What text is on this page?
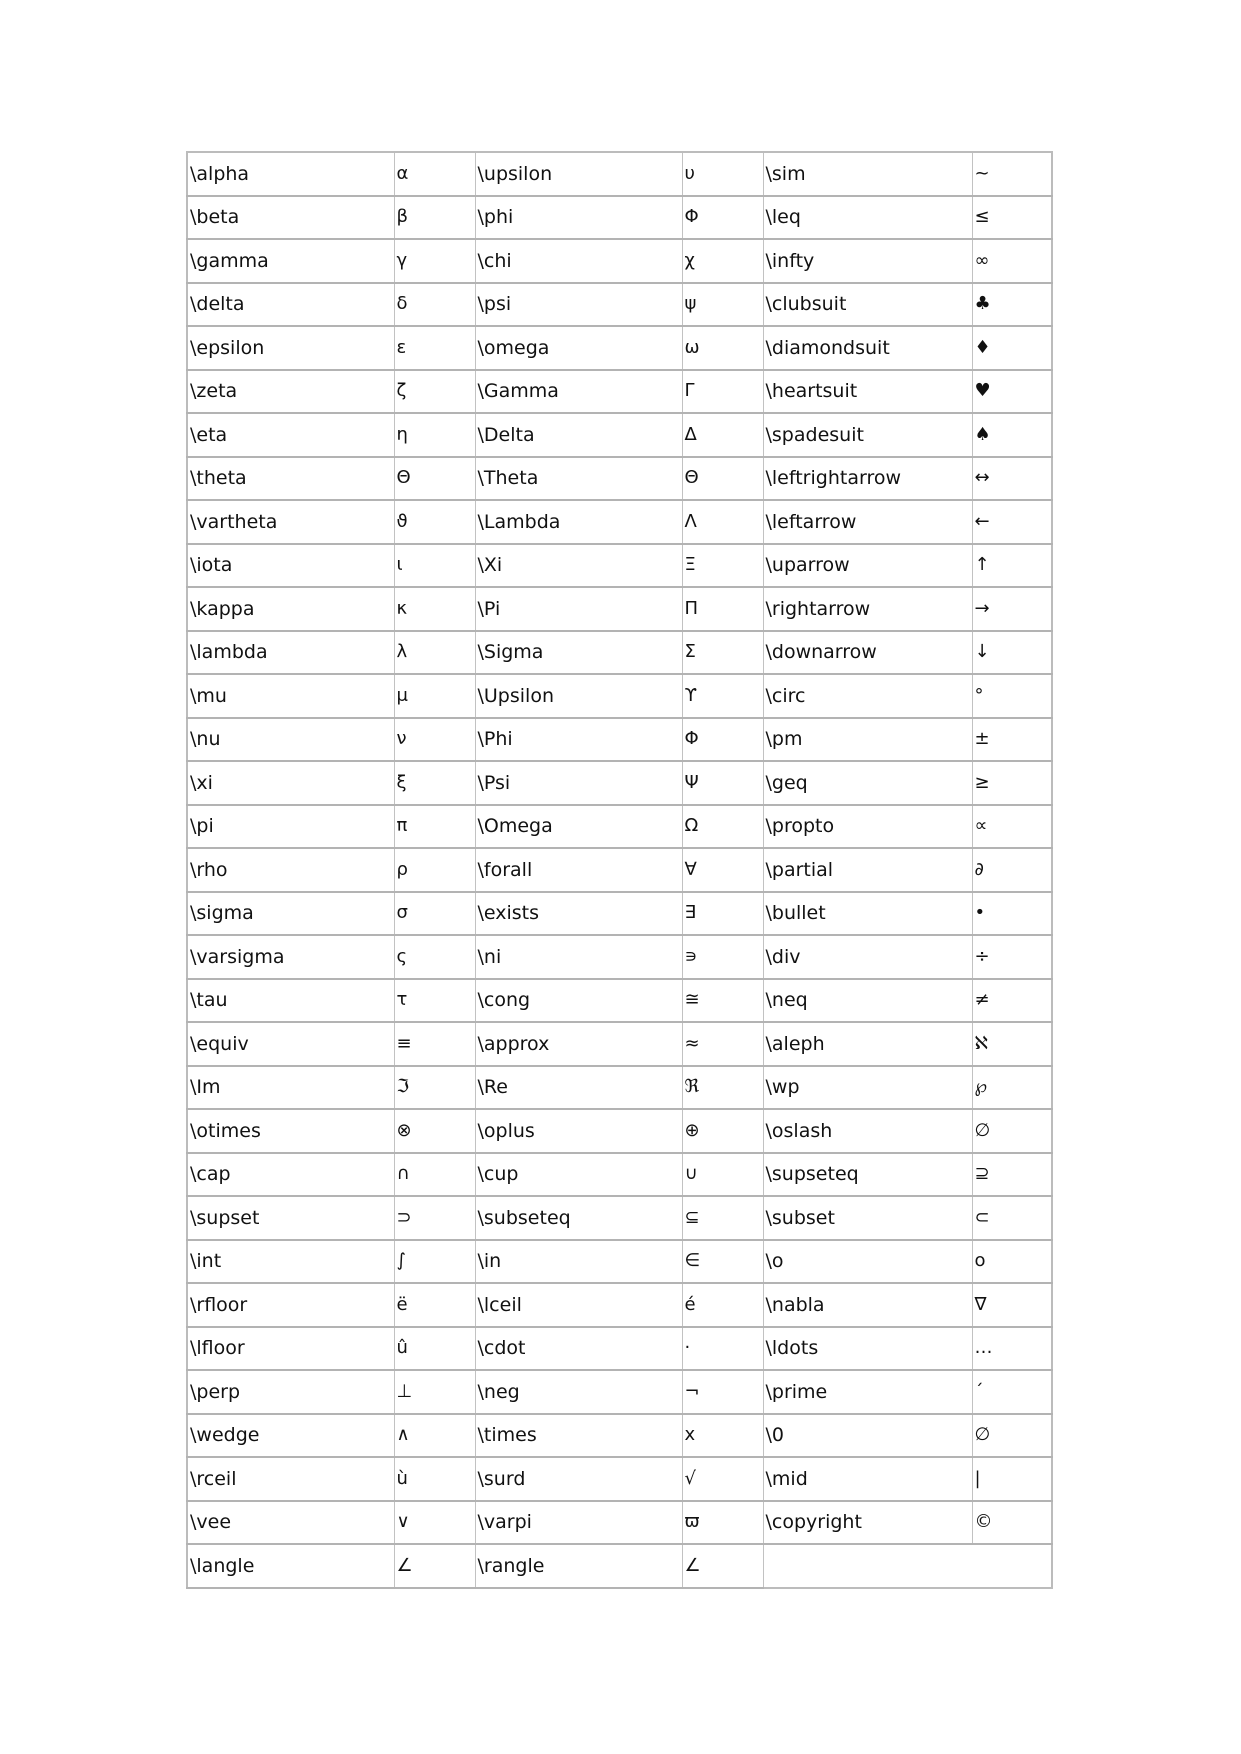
\alpha	α	\upsilon	υ	\sim	~
\beta	β	\phi	Φ	\leq	≤
\gamma	γ	\chi	χ	\infty	∞
\delta	δ	\psi	ψ	\clubsuit	♣
\epsilon	ε	\omega	ω	\diamondsuit	♦
\zeta	ζ	\Gamma	Γ	\heartsuit	♥
\eta	η	\Delta	Δ	\spadesuit	♠
\theta	Θ	\Theta	Θ	\leftrightarrow	↔
\vartheta	ϑ	\Lambda	Λ	\leftarrow	←
\iota	ι	\Xi	Ξ	\uparrow	↑
\kappa	κ	\Pi	Π	\rightarrow	→
\lambda	λ	\Sigma	Σ	\downarrow	↓
\mu	μ	\Upsilon	ϒ	\circ	°
\nu	ν	\Phi	Φ	\pm	±
\xi	ξ	\Psi	Ψ	\geq	≥
\pi	π	\Omega	Ω	\propto	∝
\rho	ρ	\forall	∀	\partial	∂
\sigma	σ	\exists	∃	\bullet	•
\varsigma	ς	\ni	∍	\div	÷
\tau	τ	\cong	≅	\neq	≠
\equiv	≡	\approx	≈	\aleph	ℵ
\Im	ℑ	\Re	ℜ	\wp	℘
\otimes	⊗	\oplus	⊕	\oslash	∅
\cap	∩	\cup	∪	\supseteq	⊇
\supset	⊃	\subseteq	⊆	\subset	⊂
\int	∫	\in	∈	\o	o
\rfloor	ë	\lceil	é	\nabla	∇
\lfloor	û	\cdot	·	\ldots	…
\perp	⊥	\neg	¬	\prime	´
\wedge	∧	\times	x	\0	∅
\rceil	ù	\surd	√	\mid	|
\vee	∨	\varpi	ϖ	\copyright	©
\langle	∠	\rangle	∠		
